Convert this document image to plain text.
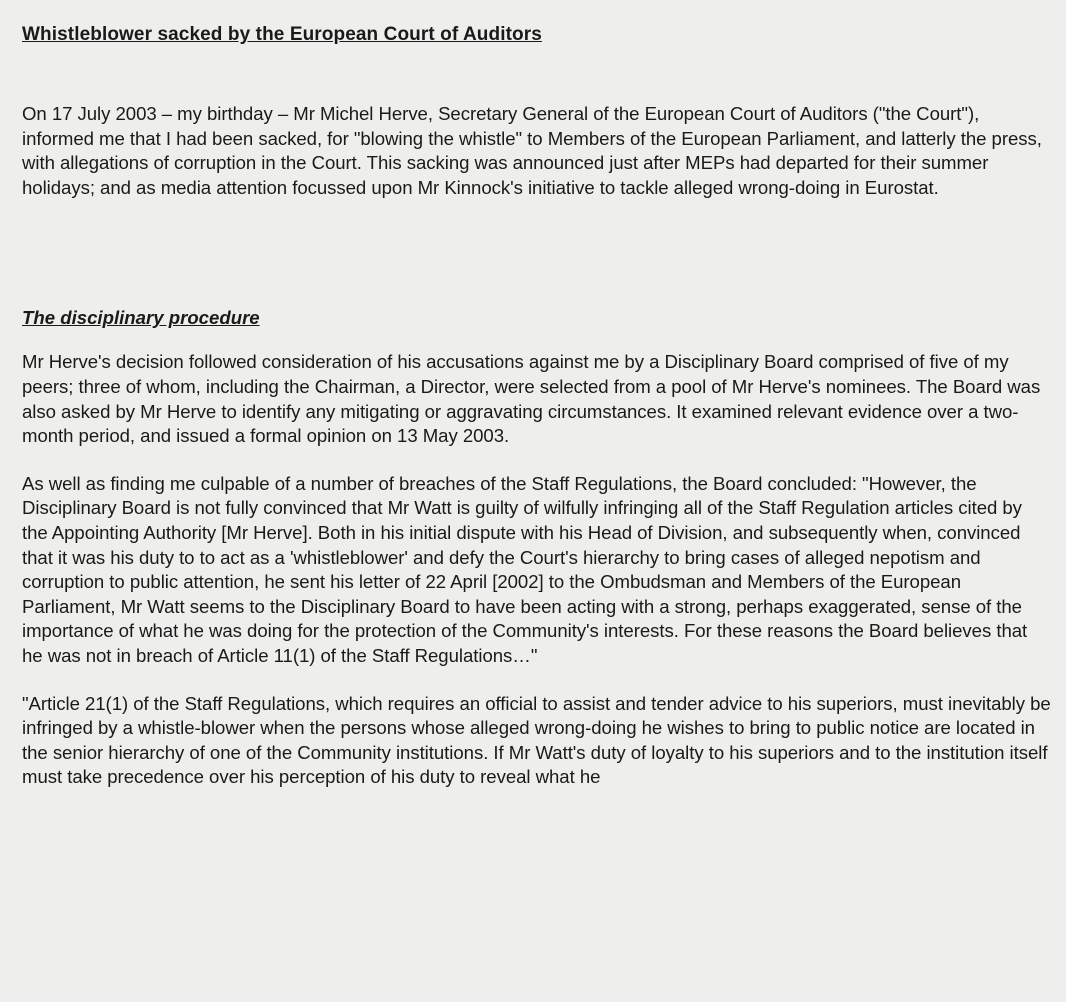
Whistleblower sacked by the European Court of Auditors

On 17 July 2003 – my birthday – Mr Michel Herve, Secretary General of the European Court of Auditors ("the Court"), informed me that I had been sacked, for "blowing the whistle" to Members of the European Parliament, and latterly the press, with allegations of corruption in the Court. This sacking was announced just after MEPs had departed for their summer holidays; and as media attention focussed upon Mr Kinnock's initiative to tackle alleged wrong-doing in Eurostat.

The disciplinary procedure

Mr Herve's decision followed consideration of his accusations against me by a Disciplinary Board comprised of five of my peers; three of whom, including the Chairman, a Director, were selected from a pool of Mr Herve's nominees. The Board was also asked by Mr Herve to identify any mitigating or aggravating circumstances. It examined relevant evidence over a two-month period, and issued a formal opinion on 13 May 2003.

As well as finding me culpable of a number of breaches of the Staff Regulations, the Board concluded: "However, the Disciplinary Board is not fully convinced that Mr Watt is guilty of wilfully infringing all of the Staff Regulation articles cited by the Appointing Authority [Mr Herve]. Both in his initial dispute with his Head of Division, and subsequently when, convinced that it was his duty to to act as a 'whistleblower' and defy the Court's hierarchy to bring cases of alleged nepotism and corruption to public attention, he sent his letter of 22 April [2002] to the Ombudsman and Members of the European Parliament, Mr Watt seems to the Disciplinary Board to have been acting with a strong, perhaps exaggerated, sense of the importance of what he was doing for the protection of the Community's interests. For these reasons the Board believes that he was not in breach of Article 11(1) of the Staff Regulations…"

"Article 21(1) of the Staff Regulations, which requires an official to assist and tender advice to his superiors, must inevitably be infringed by a whistle-blower when the persons whose alleged wrong-doing he wishes to bring to public notice are located in the senior hierarchy of one of the Community institutions. If Mr Watt's duty of loyalty to his superiors and to the institution itself must take precedence over his perception of his duty to reveal what he
